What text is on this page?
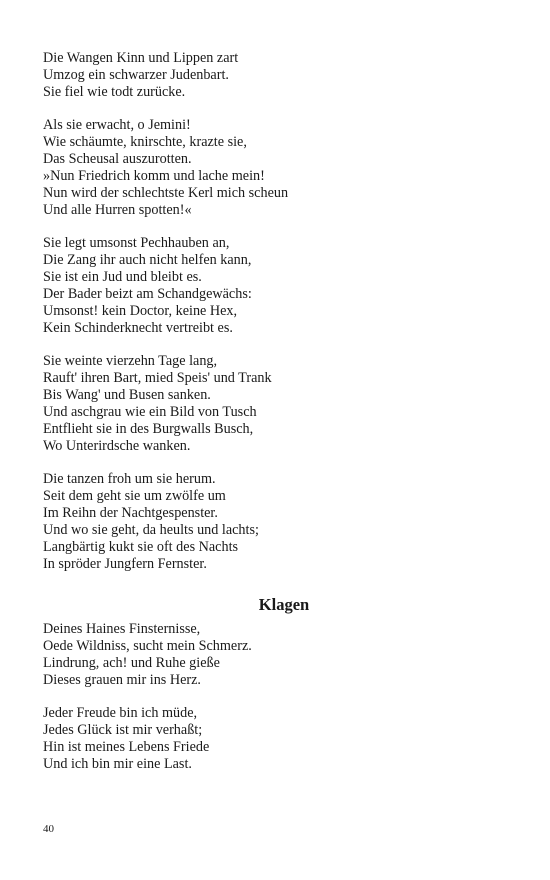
Die Wangen Kinn und Lippen zart
Umzog ein schwarzer Judenbart.
Sie fiel wie todt zurücke.
Als sie erwacht, o Jemini!
Wie schäumte, knirschte, krazte sie,
Das Scheusal auszurotten.
»Nun Friedrich komm und lache mein!
Nun wird der schlechtste Kerl mich scheun
Und alle Hurren spotten!«
Sie legt umsonst Pechhauben an,
Die Zang ihr auch nicht helfen kann,
Sie ist ein Jud und bleibt es.
Der Bader beizt am Schandgewächs:
Umsonst! kein Doctor, keine Hex,
Kein Schinderknecht vertreibt es.
Sie weinte vierzehn Tage lang,
Rauft' ihren Bart, mied Speis' und Trank
Bis Wang' und Busen sanken.
Und aschgrau wie ein Bild von Tusch
Entflieht sie in des Burgwalls Busch,
Wo Unterirdsche wanken.
Die tanzen froh um sie herum.
Seit dem geht sie um zwölfe um
Im Reihn der Nachtgespenster.
Und wo sie geht, da heults und lachts;
Langbärtig kukt sie oft des Nachts
In spröder Jungfern Fernster.
Klagen
Deines Haines Finsternisse,
Oede Wildniss, sucht mein Schmerz.
Lindrung, ach! und Ruhe gieße
Dieses grauen mir ins Herz.
Jeder Freude bin ich müde,
Jedes Glück ist mir verhaßt;
Hin ist meines Lebens Friede
Und ich bin mir eine Last.
40
